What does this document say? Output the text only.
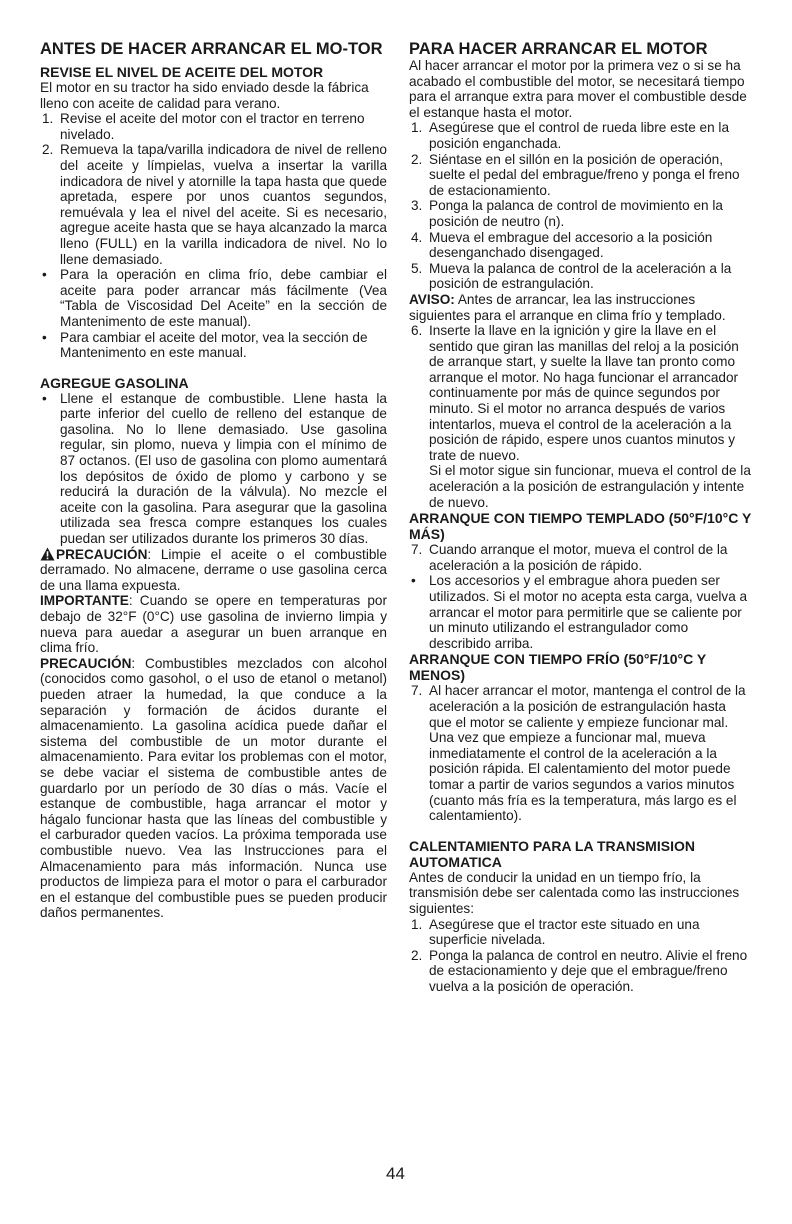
ANTES DE HACER ARRANCAR EL MO-TOR
REVISE EL NIVEL DE ACEITE DEL MOTOR

El motor en su tractor ha sido enviado desde la fábrica lleno con aceite de calidad para verano.

1. Revise el aceite del motor con el tractor en terreno nivelado.
2. Remueva la tapa/varilla indicadora de nivel de relleno del aceite y límpielas, vuelva a insertar la varilla indicadora de nivel y atornille la tapa hasta que quede apretada, espere por unos cuantos segundos, remuévala y lea el nivel del aceite. Si es necesario, agregue aceite hasta que se haya alcanzado la marca lleno (FULL) en la varilla indicadora de nivel. No lo llene demasiado.
• Para la operación en clima frío, debe cambiar el aceite para poder arrancar más fácilmente (Vea “Tabla de Viscosidad Del Aceite” en la sección de Mantenimento de este manual).
• Para cambiar el aceite del motor, vea la sección de Mantenimento en este manual.
AGREGUE GASOLINA
• Llene el estanque de combustible. Llene hasta la parte inferior del cuello de relleno del estanque de gasolina. No lo llene demasiado. Use gasolina regular, sin plomo, nueva y limpia con el mínimo de 87 octanos. (El uso de gasolina con plomo aumentará los depósitos de óxido de plomo y carbono y se reducirá la duración de la válvula). No mezcle el aceite con la gasolina. Para asegurar que la gasolina utilizada sea fresca compre estanques los cuales puedan ser utilizados durante los primeros 30 días.

PRECAUCIÓN: Limpie el aceite o el combustible derramado. No almacene, derrame o use gasolina cerca de una llama expuesta.

IMPORTANTE: Cuando se opere en temperaturas por debajo de 32°F (0°C) use gasolina de invierno limpia y nueva para auedar a asegurar un buen arranque en clima frío.

PRECAUCIÓN: Combustibles mezclados con alcohol (conocidos como gasohol, o el uso de etanol o metanol) pueden atraer la humedad, la que conduce a la separación y formación de ácidos durante el almacenamiento. La gasolina acídica puede dañar el sistema del combustible de un motor durante el almacenamiento. Para evitar los problemas con el motor, se debe vaciar el sistema de combustible antes de guardarlo por un período de 30 días o más. Vacíe el estanque de combustible, haga arrancar el motor y hágalo funcionar hasta que las líneas del combustible y el carburador queden vacíos. La próxima temporada use combustible nuevo. Vea las Instrucciones para el Almacenamiento para más información. Nunca use productos de limpieza para el motor o para el carburador en el estanque del combustible pues se pueden producir daños permanentes.

PARA HACER ARRANCAR EL MOTOR

Al hacer arrancar el motor por la primera vez o si se ha acabado el combustible del motor, se necesitará tiempo para el arranque extra para mover el combustible desde el estanque hasta el motor.

1. Asegúrese que el control de rueda libre este en la posición enganchada.
2. Siéntase en el sillón en la posición de operación, suelte el pedal del embrague/freno y ponga el freno de estacionamiento.
3. Ponga la palanca de control de movimiento en la posición de neutro (n).
4. Mueva el embrague del accesorio a la posición desenganchado disengaged.
5. Mueva la palanca de control de la aceleración a la posición de estrangulación.

AVISO: Antes de arrancar, lea las instrucciones siguientes para el arranque en clima frío y templado.

6. Inserte la llave en la ignición y gire la llave en el sentido que giran las manillas del reloj a la posición de arranque start, y suelte la llave tan pronto como arranque el motor. No haga funcionar el arrancador continuamente por más de quince segundos por minuto. Si el motor no arranca después de varios intentarlos, mueva el control de la aceleración a la posición de rápido, espere unos cuantos minutos y trate de nuevo.
Si el motor sigue sin funcionar, mueva el control de la aceleración a la posición de estrangulación y intente de nuevo.
ARRANQUE CON TIEMPO TEMPLADO (50°F/10°C Y MÁS)
7. Cuando arranque el motor, mueva el control de la aceleración a la posición de rápido.
• Los accesorios y el embrague ahora pueden ser utilizados. Si el motor no acepta esta carga, vuelva a arrancar el motor para permitirle que se caliente por un minuto utilizando el estrangulador como describido arriba.
ARRANQUE CON TIEMPO FRÍO (50°F/10°C Y MENOS)
7. Al hacer arrancar el motor, mantenga el control de la aceleración a la posición de estrangulación hasta que el motor se caliente y empieze funcionar mal. Una vez que empieze a funcionar mal, mueva inmediatamente el control de la aceleración a la posición rápida. El calentamiento del motor puede tomar a partir de varios segundos a varios minutos (cuanto más fría es la temperatura, más largo es el calentamiento).
CALENTAMIENTO PARA LA TRANSMISION AUTOMATICA

Antes de conducir la unidad en un tiempo frío, la transmisión debe ser calentada como las instrucciones siguientes:

1. Asegúrese que el tractor este situado en una superficie nivelada.
2. Ponga la palanca de control en neutro. Alivie el freno de estacionamiento y deje que el embrague/freno vuelva a la posición de operación.
44
